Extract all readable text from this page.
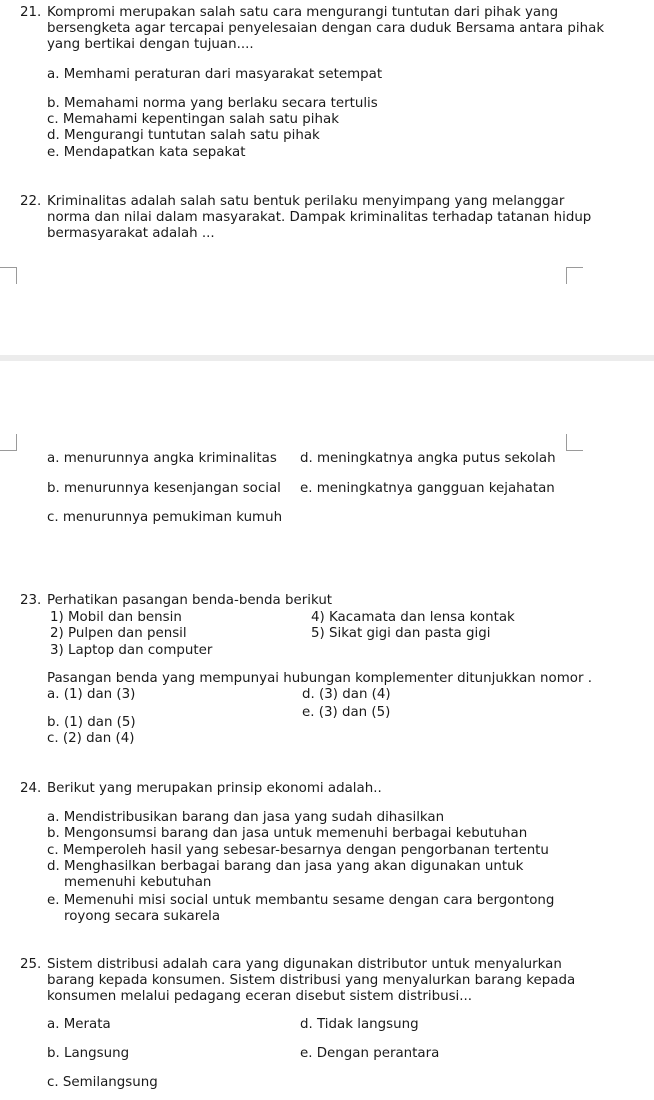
21. Kompromi merupakan salah satu cara mengurangi tuntutan dari pihak yang
bersengketa agar tercapai penyelesaian dengan cara duduk Bersama antara pihak
yang bertikai dengan tujuan....
a. Memhami peraturan dari masyarakat setempat
b. Memahami norma yang berlaku secara tertulis
c. Memahami kepentingan salah satu pihak
d. Mengurangi tuntutan salah satu pihak
e. Mendapatkan kata sepakat
22. Kriminalitas adalah salah satu bentuk perilaku menyimpang yang melanggar
norma dan nilai dalam masyarakat. Dampak kriminalitas terhadap tatanan hidup
bermasyarakat adalah ...
a. menurunnya angka kriminalitas d. meningkatnya angka putus sekolah
b. menurunnya kesenjangan social e. meningkatnya gangguan kejahatan
c. menurunnya pemukiman kumuh
23. Perhatikan pasangan benda-benda berikut
1) Mobil dan bensin	4) Kacamata dan lensa kontak
2) Pulpen dan pensil	5) Sikat gigi dan pasta gigi
3) Laptop dan computer
Pasangan benda yang mempunyai hubungan komplementer ditunjukkan nomor .
a. (1) dan (3)	d. (3) dan (4)
e. (3) dan (5)
b. (1) dan (5)
c. (2) dan (4)
24. Berikut yang merupakan prinsip ekonomi adalah..
a. Mendistribusikan barang dan jasa yang sudah dihasilkan
b. Mengonsumsi barang dan jasa untuk memenuhi berbagai kebutuhan
c. Memperoleh hasil yang sebesar-besarnya dengan pengorbanan tertentu
d. Menghasilkan berbagai barang dan jasa yang akan digunakan untuk
memenuhi kebutuhan
e. Memenuhi misi social untuk membantu sesame dengan cara bergontong
royong secara sukarela
25. Sistem distribusi adalah cara yang digunakan distributor untuk menyalurkan
barang kepada konsumen. Sistem distribusi yang menyalurkan barang kepada
konsumen melalui pedagang eceran disebut sistem distribusi...
a. Merata	d. Tidak langsung
b. Langsung	e. Dengan perantara
c. Semilangsung
